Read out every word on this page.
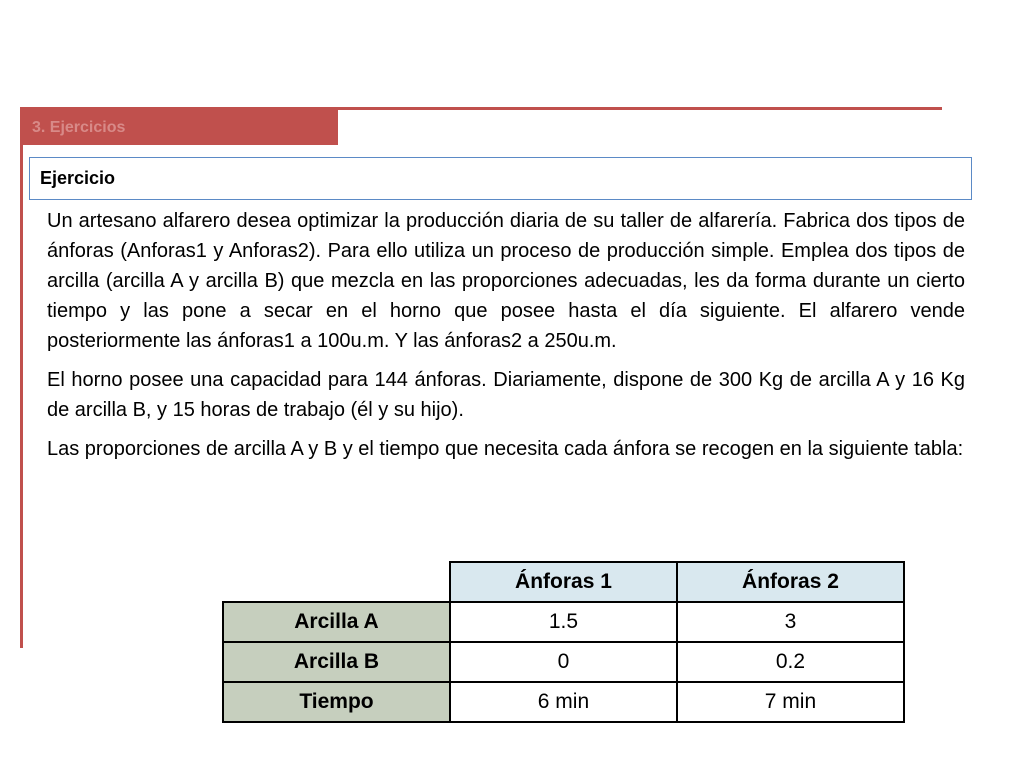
3. Ejercicios
Ejercicio

Un artesano alfarero desea optimizar la producción diaria de su taller de alfarería. Fabrica dos tipos de ánforas (Anforas1 y Anforas2). Para ello utiliza un proceso de producción simple. Emplea dos tipos de arcilla (arcilla A y arcilla B) que mezcla en las proporciones adecuadas, les da forma durante un cierto tiempo y las pone a secar en el horno que posee hasta el día siguiente. El alfarero vende posteriormente las ánforas1 a 100u.m. Y las ánforas2 a 250u.m.

El horno posee una capacidad para 144 ánforas. Diariamente, dispone de 300 Kg de arcilla A y 16 Kg de arcilla B, y 15 horas de trabajo (él y su hijo).

Las proporciones de arcilla A y B y el tiempo que necesita cada ánfora se recogen en la siguiente tabla:

	Ánforas 1	Ánforas 2
Arcilla A	1.5	3
Arcilla B	0	0.2
Tiempo	6 min	7 min
